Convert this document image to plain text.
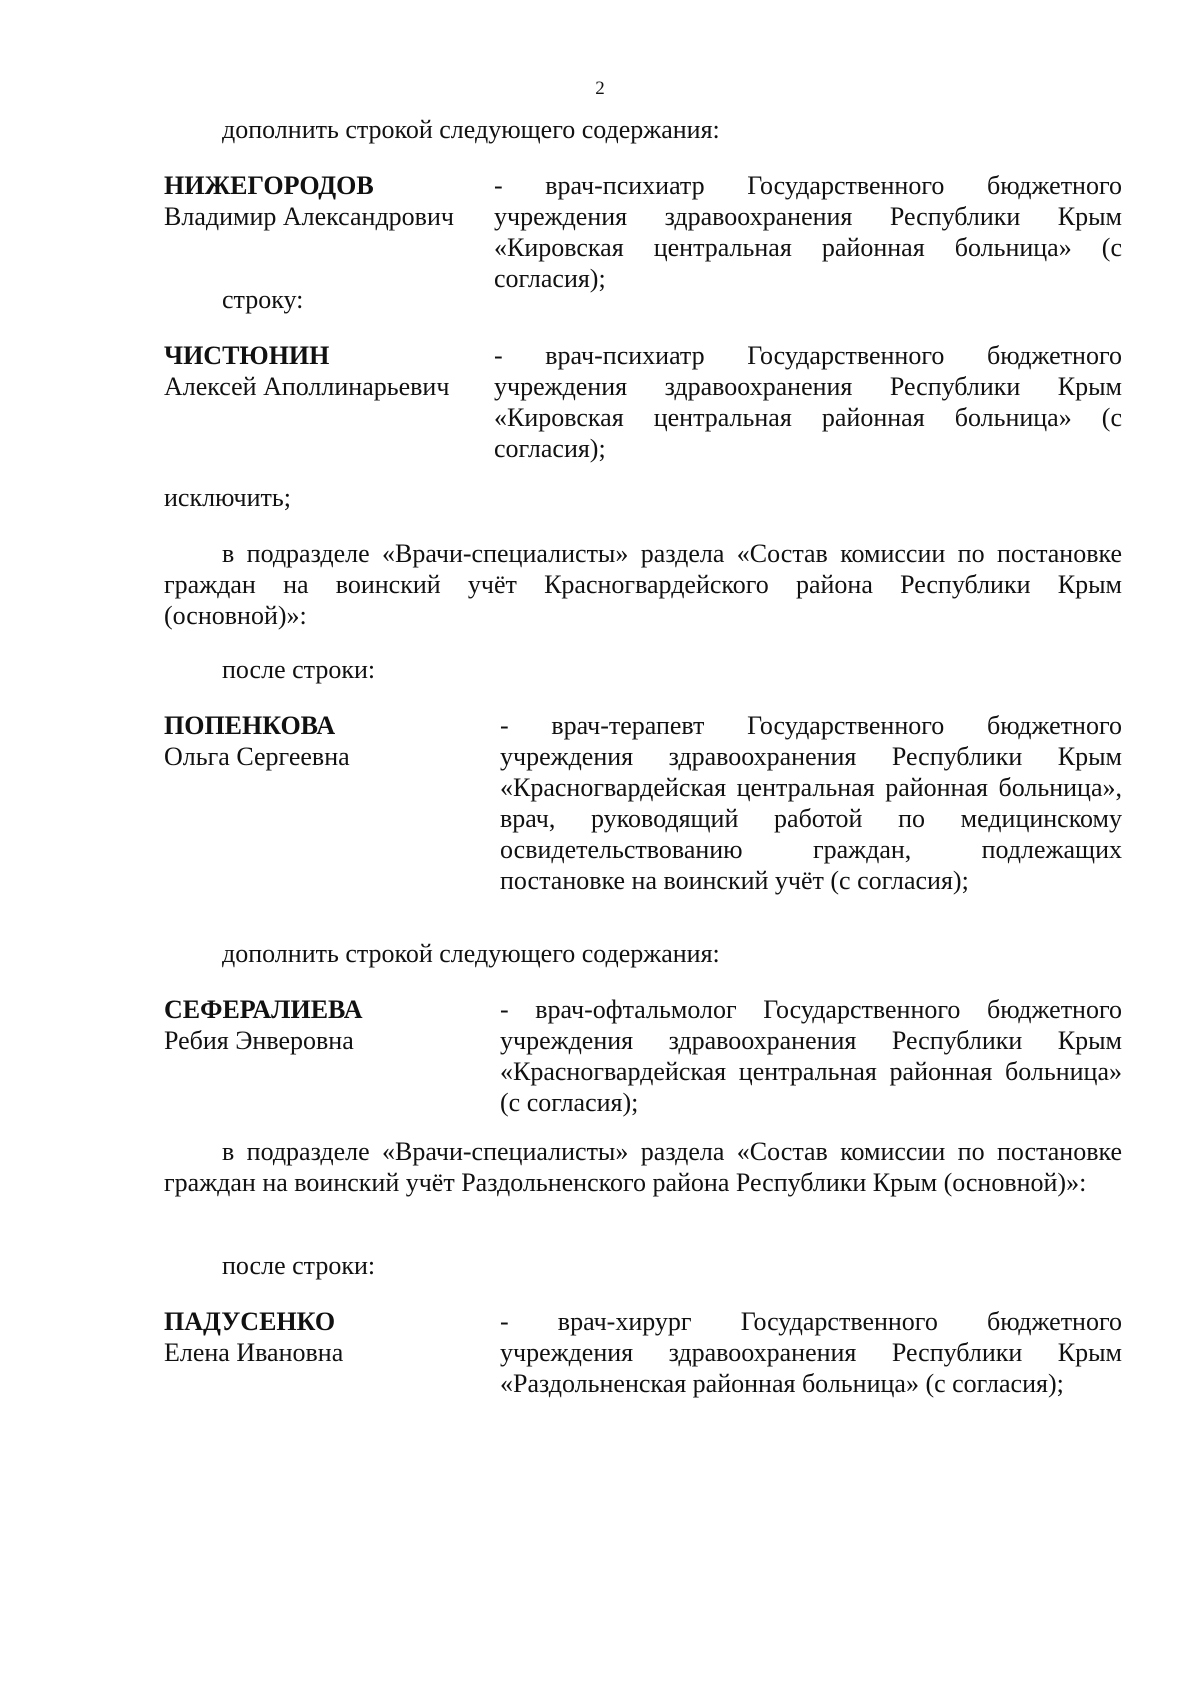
2

дополнить строкой следующего содержания:

НИЖЕГОРОДОВ
Владимир Александрович
- врач-психиатр Государственного бюджетного учреждения здравоохранения Республики Крым «Кировская центральная районная больница» (с согласия);

строку:

ЧИСТЮНИН
Алексей Аполлинарьевич
- врач-психиатр Государственного бюджетного учреждения здравоохранения Республики Крым «Кировская центральная районная больница» (с согласия);

исключить;

в подразделе «Врачи-специалисты» раздела «Состав комиссии по постановке граждан на воинский учёт Красногвардейского района Республики Крым (основной)»:

после строки:

ПОПЕНКОВА
Ольга Сергеевна
- врач-терапевт Государственного бюджетного учреждения здравоохранения Республики Крым «Красногвардейская центральная районная больница», врач, руководящий работой по медицинскому освидетельствованию граждан, подлежащих постановке на воинский учёт (с согласия);

дополнить строкой следующего содержания:

СЕФЕРАЛИЕВА
Ребия Энверовна
- врач-офтальмолог Государственного бюджетного учреждения здравоохранения Республики Крым «Красногвардейская центральная районная больница» (с согласия);

в подразделе «Врачи-специалисты» раздела «Состав комиссии по постановке граждан на воинский учёт Раздольненского района Республики Крым (основной)»:

после строки:

ПАДУСЕНКО
Елена Ивановна
- врач-хирург Государственного бюджетного учреждения здравоохранения Республики Крым «Раздольненская районная больница» (с согласия);
